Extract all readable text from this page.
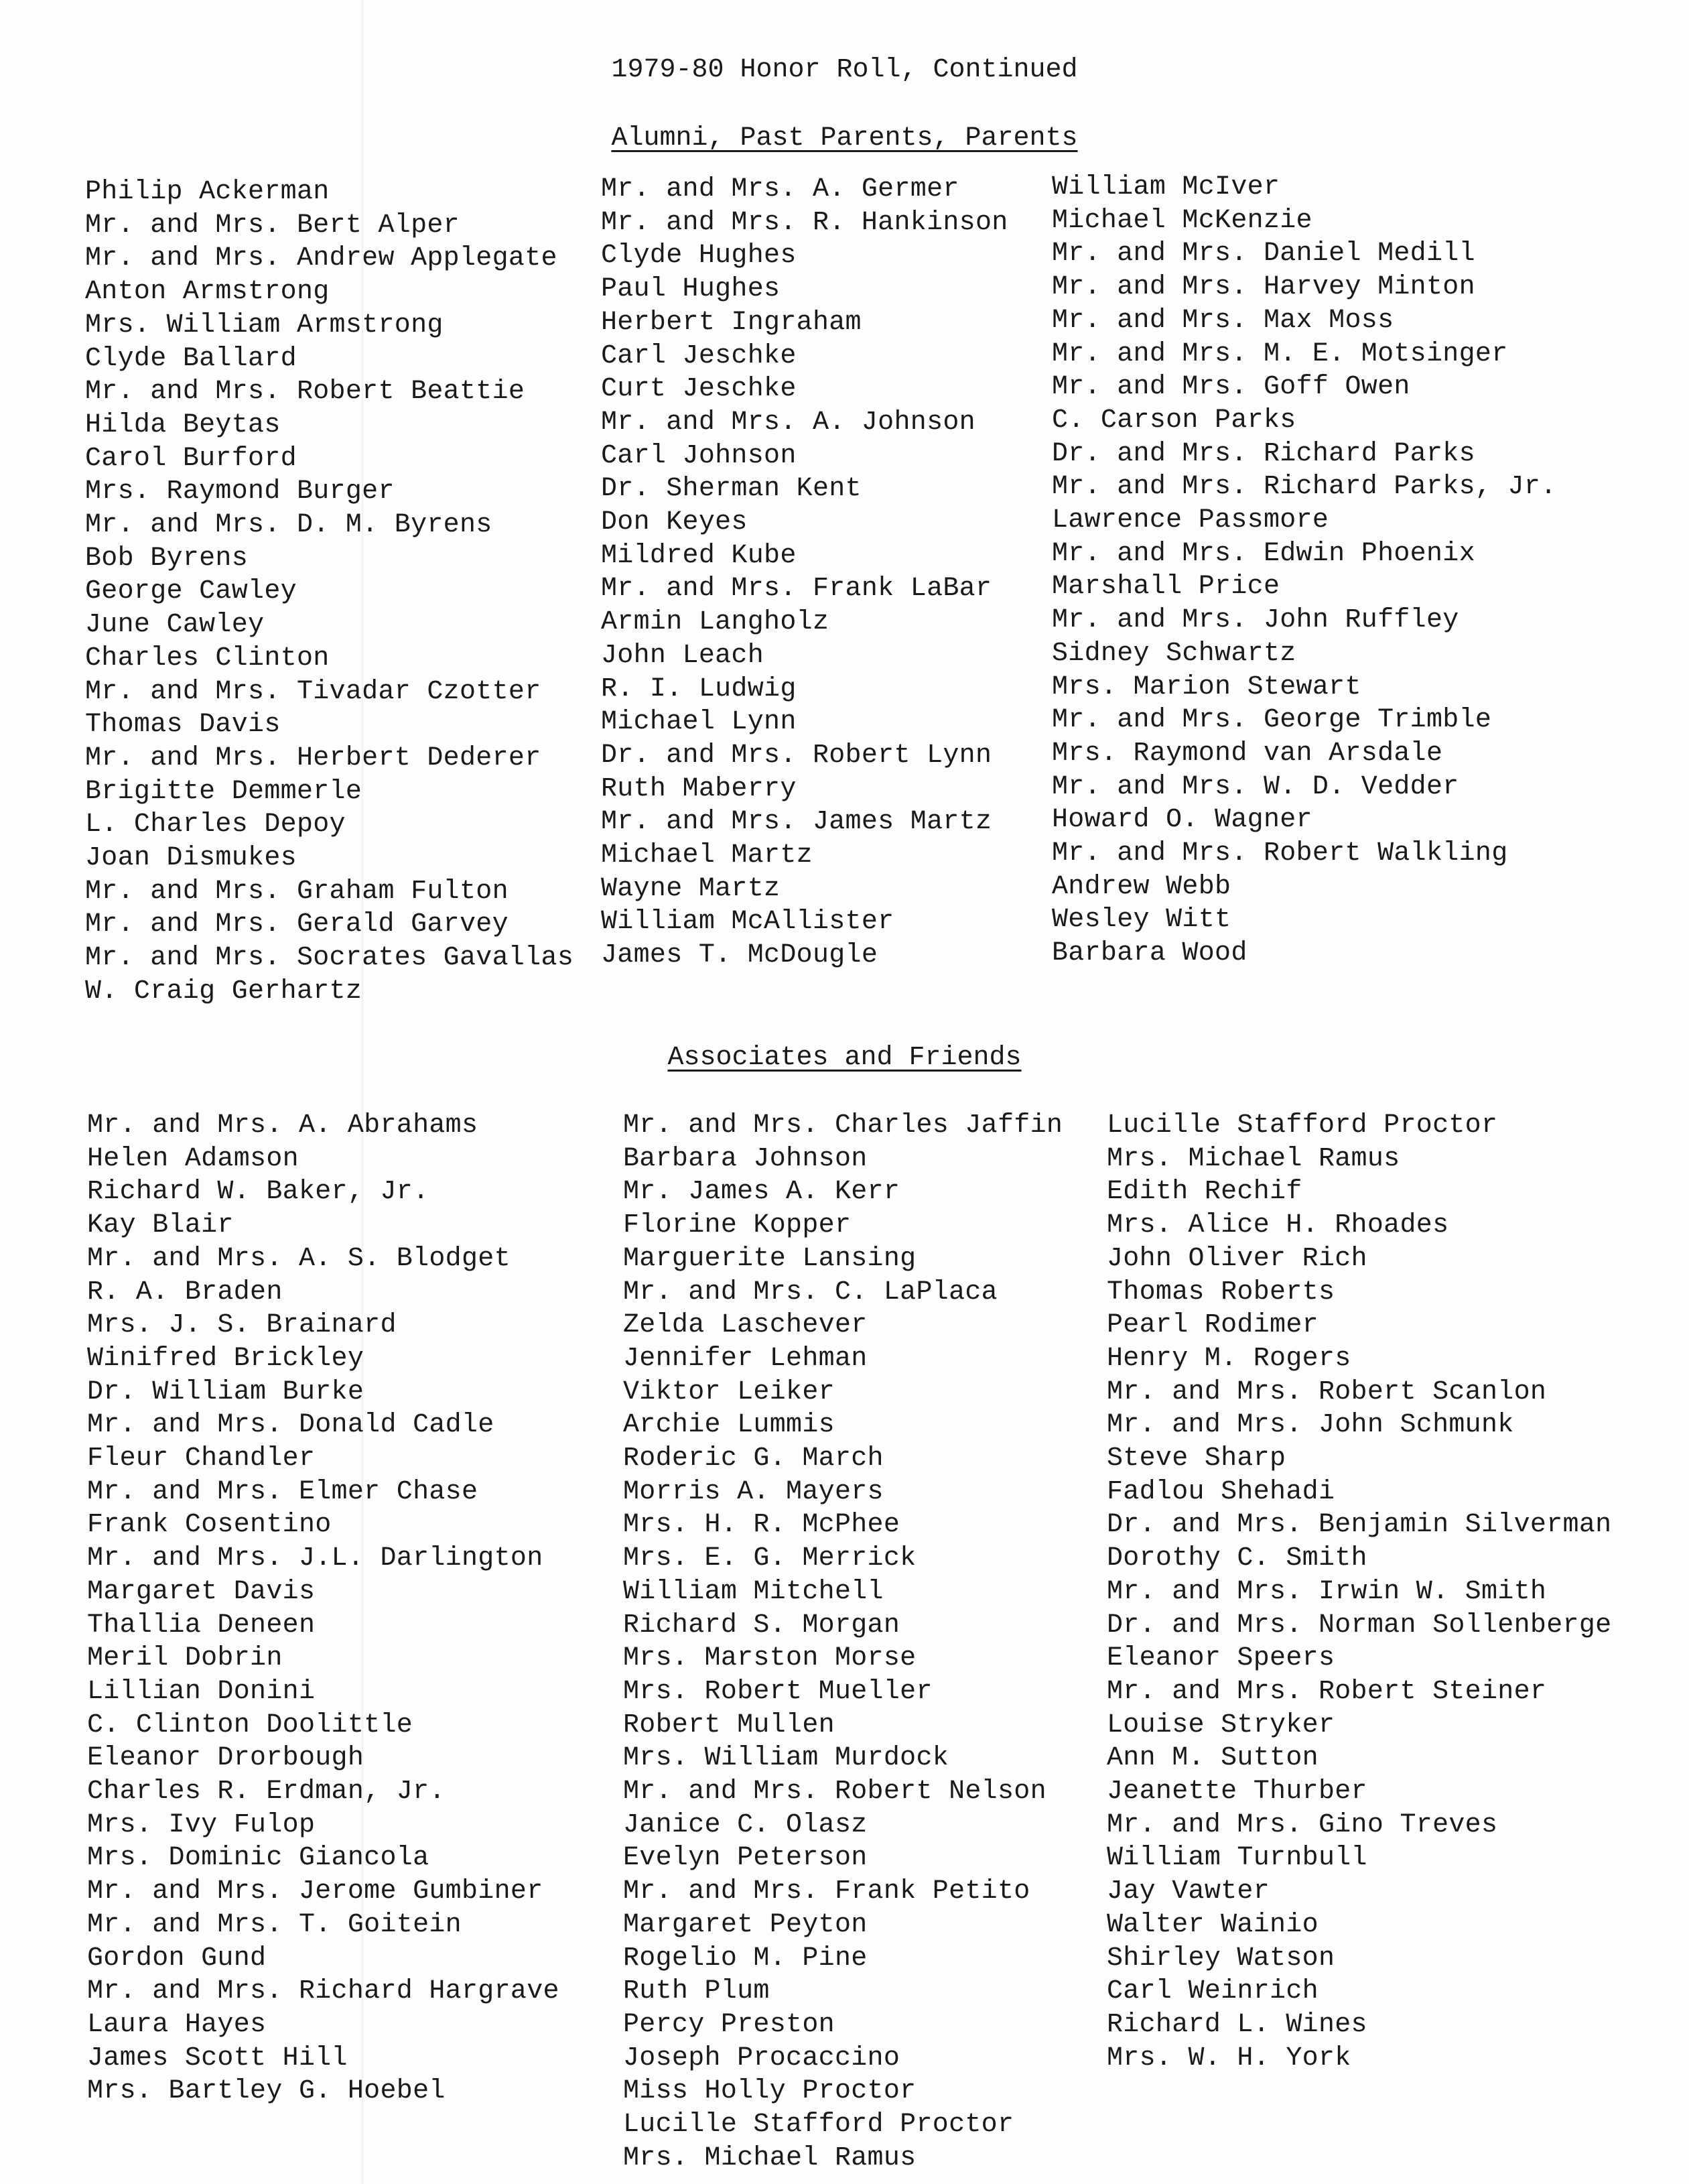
1979-80 Honor Roll, Continued
Alumni, Past Parents, Parents
Philip Ackerman
Mr. and Mrs. Bert Alper
Mr. and Mrs. Andrew Applegate
Anton Armstrong
Mrs. William Armstrong
Clyde Ballard
Mr. and Mrs. Robert Beattie
Hilda Beytas
Carol Burford
Mrs. Raymond Burger
Mr. and Mrs. D. M. Byrens
Bob Byrens
George Cawley
June Cawley
Charles Clinton
Mr. and Mrs. Tivadar Czotter
Thomas Davis
Mr. and Mrs. Herbert Dederer
Brigitte Demmerle
L. Charles Depoy
Joan Dismukes
Mr. and Mrs. Graham Fulton
Mr. and Mrs. Gerald Garvey
Mr. and Mrs. Socrates Gavallas
W. Craig Gerhartz
Mr. and Mrs. A. Germer
Mr. and Mrs. R. Hankinson
Clyde Hughes
Paul Hughes
Herbert Ingraham
Carl Jeschke
Curt Jeschke
Mr. and Mrs. A. Johnson
Carl Johnson
Dr. Sherman Kent
Don Keyes
Mildred Kube
Mr. and Mrs. Frank LaBar
Armin Langholz
John Leach
R. I. Ludwig
Michael Lynn
Dr. and Mrs. Robert Lynn
Ruth Maberry
Mr. and Mrs. James Martz
Michael Martz
Wayne Martz
William McAllister
James T. McDougle
William McIver
Michael McKenzie
Mr. and Mrs. Daniel Medill
Mr. and Mrs. Harvey Minton
Mr. and Mrs. Max Moss
Mr. and Mrs. M. E. Motsinger
Mr. and Mrs. Goff Owen
C. Carson Parks
Dr. and Mrs. Richard Parks
Mr. and Mrs. Richard Parks, Jr.
Lawrence Passmore
Mr. and Mrs. Edwin Phoenix
Marshall Price
Mr. and Mrs. John Ruffley
Sidney Schwartz
Mrs. Marion Stewart
Mr. and Mrs. George Trimble
Mrs. Raymond van Arsdale
Mr. and Mrs. W. D. Vedder
Howard O. Wagner
Mr. and Mrs. Robert Walkling
Andrew Webb
Wesley Witt
Barbara Wood
Associates and Friends
Mr. and Mrs. A. Abrahams
Helen Adamson
Richard W. Baker, Jr.
Kay Blair
Mr. and Mrs. A. S. Blodget
R. A. Braden
Mrs. J. S. Brainard
Winifred Brickley
Dr. William Burke
Mr. and Mrs. Donald Cadle
Fleur Chandler
Mr. and Mrs. Elmer Chase
Frank Cosentino
Mr. and Mrs. J.L. Darlington
Margaret Davis
Thallia Deneen
Meril Dobrin
Lillian Donini
C. Clinton Doolittle
Eleanor Drorbough
Charles R. Erdman, Jr.
Mrs. Ivy Fulop
Mrs. Dominic Giancola
Mr. and Mrs. Jerome Gumbiner
Mr. and Mrs. T. Goitein
Gordon Gund
Mr. and Mrs. Richard Hargrave
Laura Hayes
James Scott Hill
Mrs. Bartley G. Hoebel
Mr. and Mrs. Charles Jaffin
Barbara Johnson
Mr. James A. Kerr
Florine Kopper
Marguerite Lansing
Mr. and Mrs. C. LaPlaca
Zelda Laschever
Jennifer Lehman
Viktor Leiker
Archie Lummis
Roderic G. March
Morris A. Mayers
Mrs. H. R. McPhee
Mrs. E. G. Merrick
William Mitchell
Richard S. Morgan
Mrs. Marston Morse
Mrs. Robert Mueller
Robert Mullen
Mrs. William Murdock
Mr. and Mrs. Robert Nelson
Janice C. Olasz
Evelyn Peterson
Mr. and Mrs. Frank Petito
Margaret Peyton
Rogelio M. Pine
Ruth Plum
Percy Preston
Joseph Procaccino
Miss Holly Proctor
Lucille Stafford Proctor
Mrs. Michael Ramus
Lucille Stafford Proctor
Mrs. Michael Ramus
Edith Rechif
Mrs. Alice H. Rhoades
John Oliver Rich
Thomas Roberts
Pearl Rodimer
Henry M. Rogers
Mr. and Mrs. Robert Scanlon
Mr. and Mrs. John Schmunk
Steve Sharp
Fadlou Shehadi
Dr. and Mrs. Benjamin Silverman
Dorothy C. Smith
Mr. and Mrs. Irwin W. Smith
Dr. and Mrs. Norman Sollenberge
Eleanor Speers
Mr. and Mrs. Robert Steiner
Louise Stryker
Ann M. Sutton
Jeanette Thurber
Mr. and Mrs. Gino Treves
William Turnbull
Jay Vawter
Walter Wainio
Shirley Watson
Carl Weinrich
Richard L. Wines
Mrs. W. H. York
